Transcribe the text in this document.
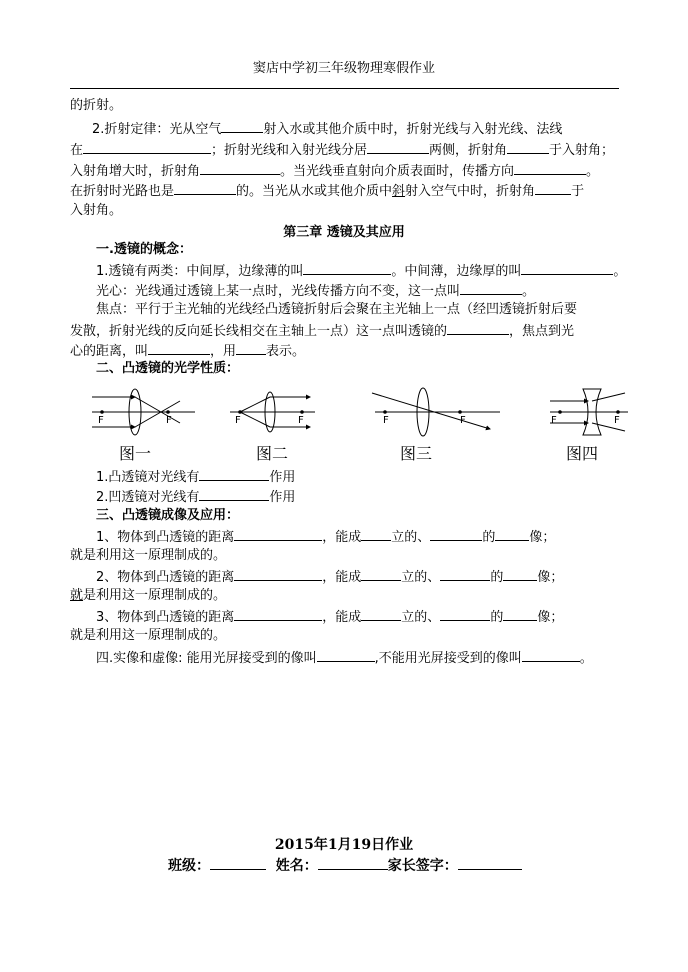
窦店中学初三年级物理寒假作业
的折射。
2.折射定律：光从空气	射入水或其他介质中时，折射光线与入射光线、法线
在	；折射光线和入射光线分居	两侧，折射角	于入射角；
入射角增大时，折射角	。当光线垂直射向介质表面时，传播方向	。
在折射时光路也是	的。当光从水或其他介质中斜射入空气中时，折射角	于
入射角。
第三章 透镜及其应用
一.透镜的概念：
1.透镜有两类：中间厚，边缘薄的叫	。中间薄，边缘厚的叫	。
光心：光线通过透镜上某一点时，光线传播方向不变，这一点叫	。
焦点：平行于主光轴的光线经凸透镜折射后会聚在主光轴上一点（经凹透镜折射后要
发散，折射光线的反向延长线相交在主轴上一点）这一点叫透镜的	，焦点到光
心的距离，叫	，用 表示。
二、凸透镜的光学性质：
F	F	F	F	F	F	F	F
图一	图二	图三	图四
1.凸透镜对光线有	作用
2.凹透镜对光线有	作用
三、凸透镜成像及应用：
1、物体到凸透镜的距离	，能成 立的、	的	像；
就是利用这一原理制成的。
2、物体到凸透镜的距离	，能成	立的、	的	像；
就是利用这一原理制成的。
3、物体到凸透镜的距离	，能成	立的、	的	像；
就是利用这一原理制成的。
四.实像和虚像: 能用光屏接受到的像叫	,不能用光屏接受到的像叫	。
2015年1月19日作业
班级：	姓名：	家长签字：
